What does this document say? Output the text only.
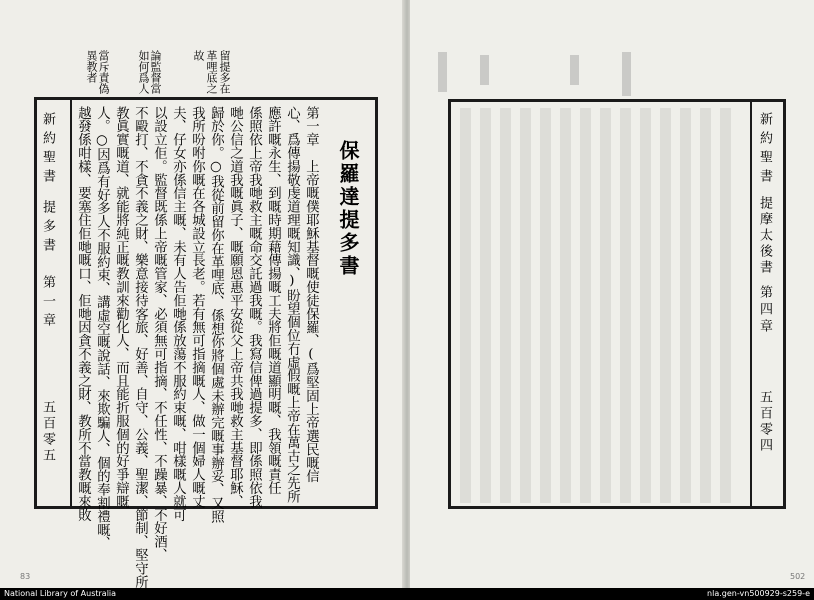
異教者 當斥責偽 如何爲人 論監督當	故 革哩底之 留提多在
新約聖書
提多書
第一章
五百零五 越發係咁樣、要塞住佢哋嘅口、佢哋因貪不義之財、教所不當教嘅來敗 人。○因爲有好多人不服約束、講虛空嘅說話、來欺騙人、個的奉割禮嘅、 教眞實嘅道、就能將純正嘅教訓來勸化人、而且能折服個的好爭辯嘅 不毆打、不貪不義之財、樂意接待客旅、好善、自守、公義、聖潔、節制、堅守所 以設立佢。監督既係上帝嘅管家、必須無可指摘、不任性、不躁暴、不好酒、 夫、仔女亦係信主嘅、未有人告佢哋係放蕩不服約束嘅、咁樣嘅人就可 我所吩咐你嘅在各城設立長老。若有無可指摘嘅人、做一個婦人嘅丈 歸於你。○我從前留你在革哩底、係想你將個處未辦完嘅事辦妥、又照 哋公信之道我嘅眞子、嘅願恩惠平安從父上帝共我哋救主基督耶穌、 係照依上帝我哋救主嘅命交託過我嘅。我寫信俾過提多、即係照依我 應許嘅永生、到嘅時期藉傳揚嘅工夫將佢嘅道顯明嘅、我領嘅責任 心、爲傳揚敬虔道理嘅知識、)盼望個位冇虛假嘅上帝在萬古之先所 第一章　上帝嘅僕耶穌基督嘅使徒保羅、(爲堅固上帝選民嘅信 保羅達提多書
83
新約聖書
提摩太後書
第四章
五百零四
502
National Library of Australia	nla.gen-vn500929-s259-e
